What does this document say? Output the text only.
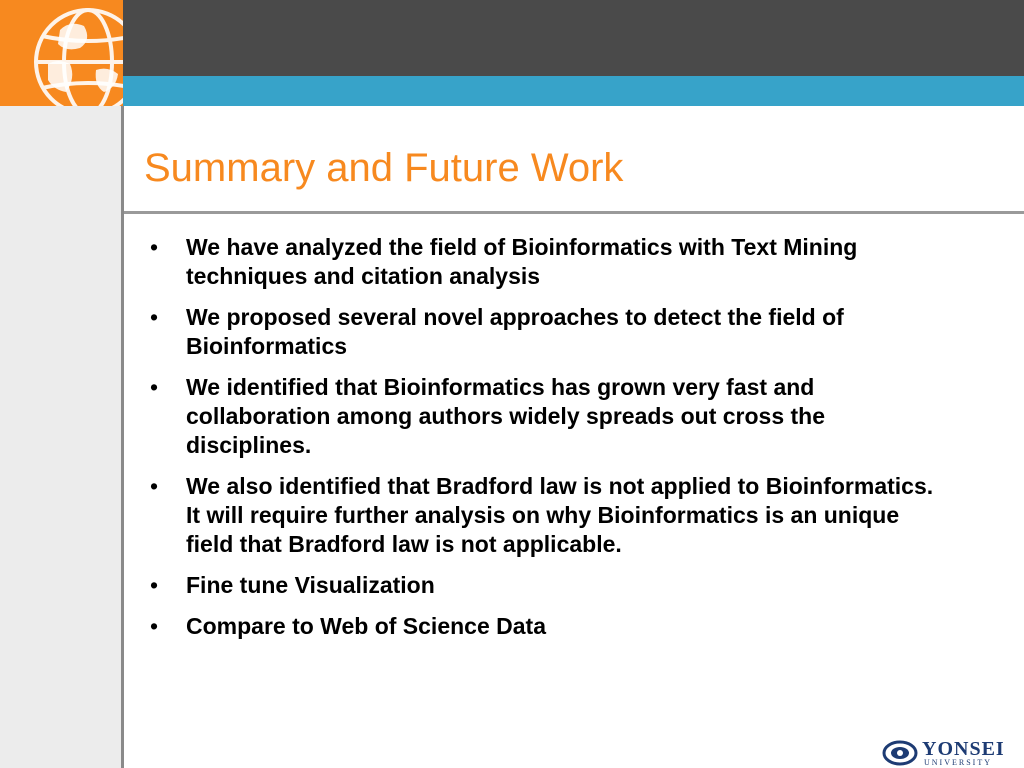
Summary and Future Work
• We have analyzed the field of Bioinformatics with Text Mining techniques and citation analysis
• We proposed several novel approaches to detect the field of Bioinformatics
• We identified that Bioinformatics has grown very fast and collaboration among authors widely spreads out cross the disciplines.
• We also identified that Bradford law is not applied to Bioinformatics. It will require further analysis on why Bioinformatics is an unique field that Bradford law is not applicable.
• Fine tune Visualization
• Compare to Web of Science Data
YONSEI
UNIVERSITY
